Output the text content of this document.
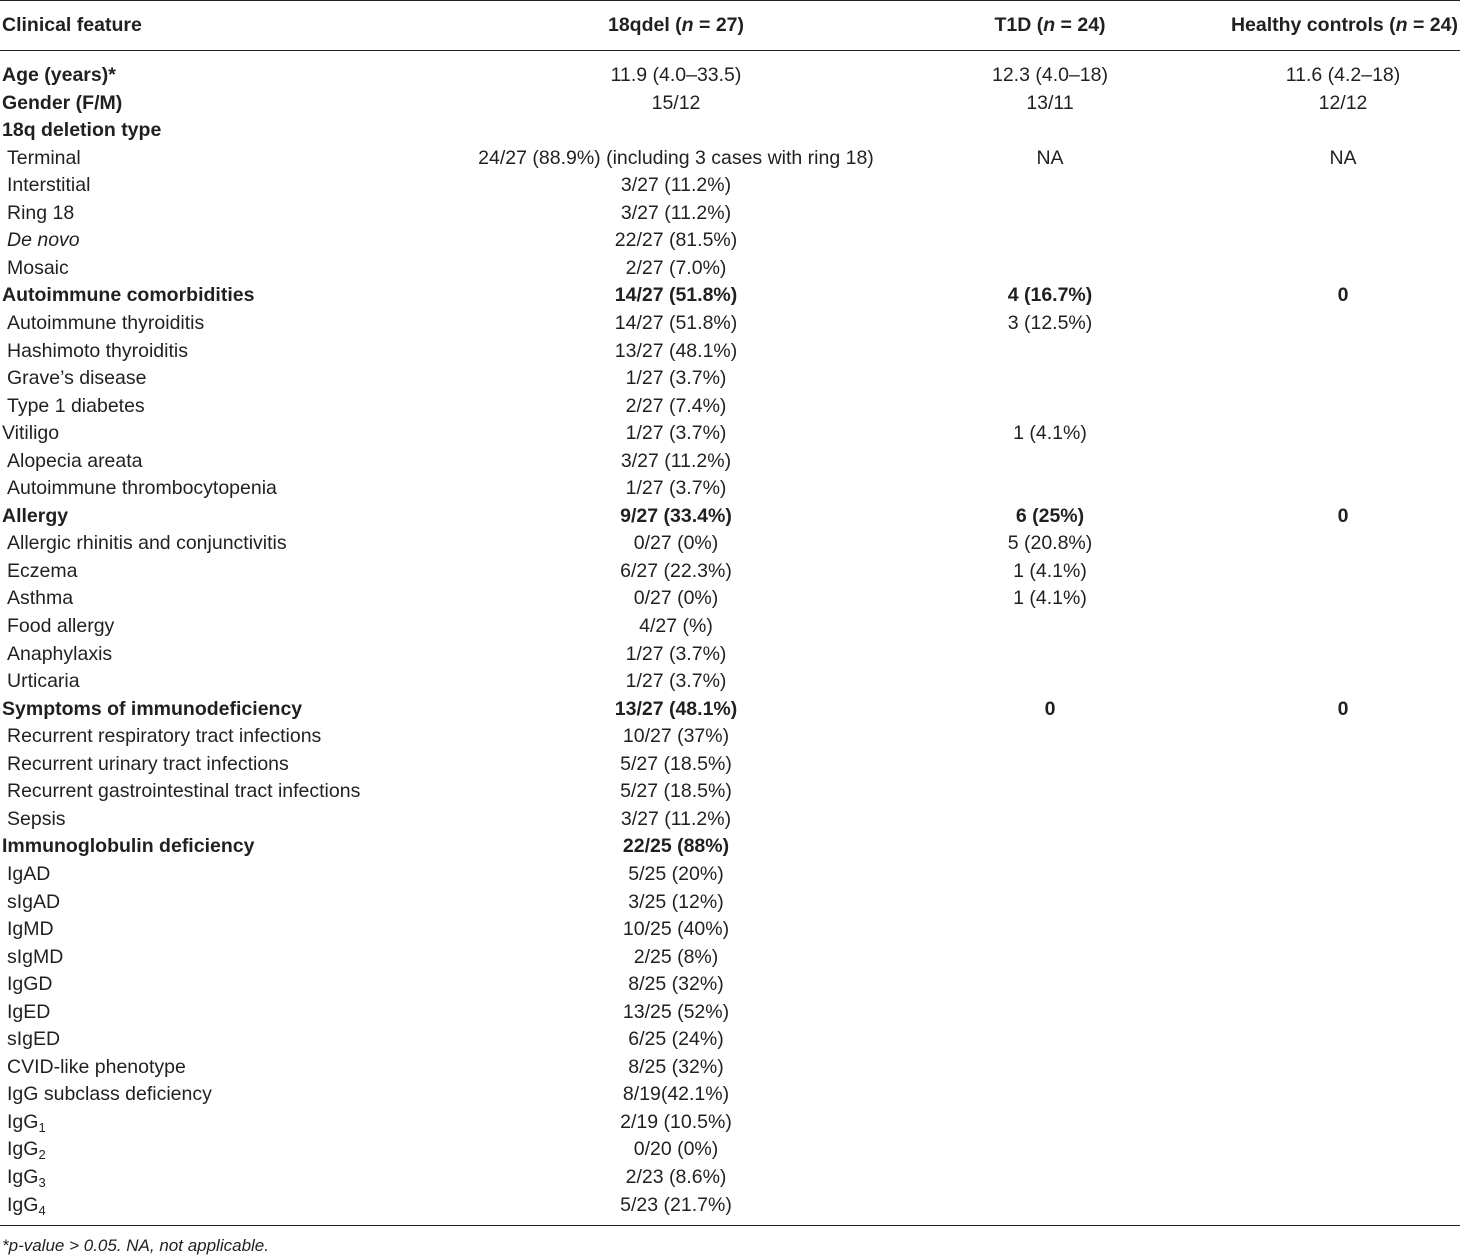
Clinical feature	18qdel (n = 27)	T1D (n = 24)	Healthy controls (n = 24)
Age (years)*	11.9 (4.0–33.5)	12.3 (4.0–18)	11.6 (4.2–18)
Gender (F/M)	15/12	13/11	12/12
18q deletion type
Terminal	24/27 (88.9%) (including 3 cases with ring 18)	NA	NA
Interstitial	3/27 (11.2%)
Ring 18	3/27 (11.2%)
De novo	22/27 (81.5%)
Mosaic	2/27 (7.0%)
Autoimmune comorbidities	14/27 (51.8%)	4 (16.7%)	0
Autoimmune thyroiditis	14/27 (51.8%)	3 (12.5%)
Hashimoto thyroiditis	13/27 (48.1%)
Grave’s disease	1/27 (3.7%)
Type 1 diabetes	2/27 (7.4%)
Vitiligo	1/27 (3.7%)	1 (4.1%)
Alopecia areata	3/27 (11.2%)
Autoimmune thrombocytopenia	1/27 (3.7%)
Allergy	9/27 (33.4%)	6 (25%)	0
Allergic rhinitis and conjunctivitis	0/27 (0%)	5 (20.8%)
Eczema	6/27 (22.3%)	1 (4.1%)
Asthma	0/27 (0%)	1 (4.1%)
Food allergy	4/27 (%)
Anaphylaxis	1/27 (3.7%)
Urticaria	1/27 (3.7%)
Symptoms of immunodeficiency	13/27 (48.1%)	0	0
Recurrent respiratory tract infections	10/27 (37%)
Recurrent urinary tract infections	5/27 (18.5%)
Recurrent gastrointestinal tract infections	5/27 (18.5%)
Sepsis	3/27 (11.2%)
Immunoglobulin deficiency	22/25 (88%)
IgAD	5/25 (20%)
sIgAD	3/25 (12%)
IgMD	10/25 (40%)
sIgMD	2/25 (8%)
IgGD	8/25 (32%)
IgED	13/25 (52%)
sIgED	6/25 (24%)
CVID-like phenotype	8/25 (32%)
IgG subclass deficiency	8/19(42.1%)
IgG$_1$	2/19 (10.5%)
IgG$_2$	0/20 (0%)
IgG$_3$	2/23 (8.6%)
IgG$_4$	5/23 (21.7%)
*p-value > 0.05. NA, not applicable.
